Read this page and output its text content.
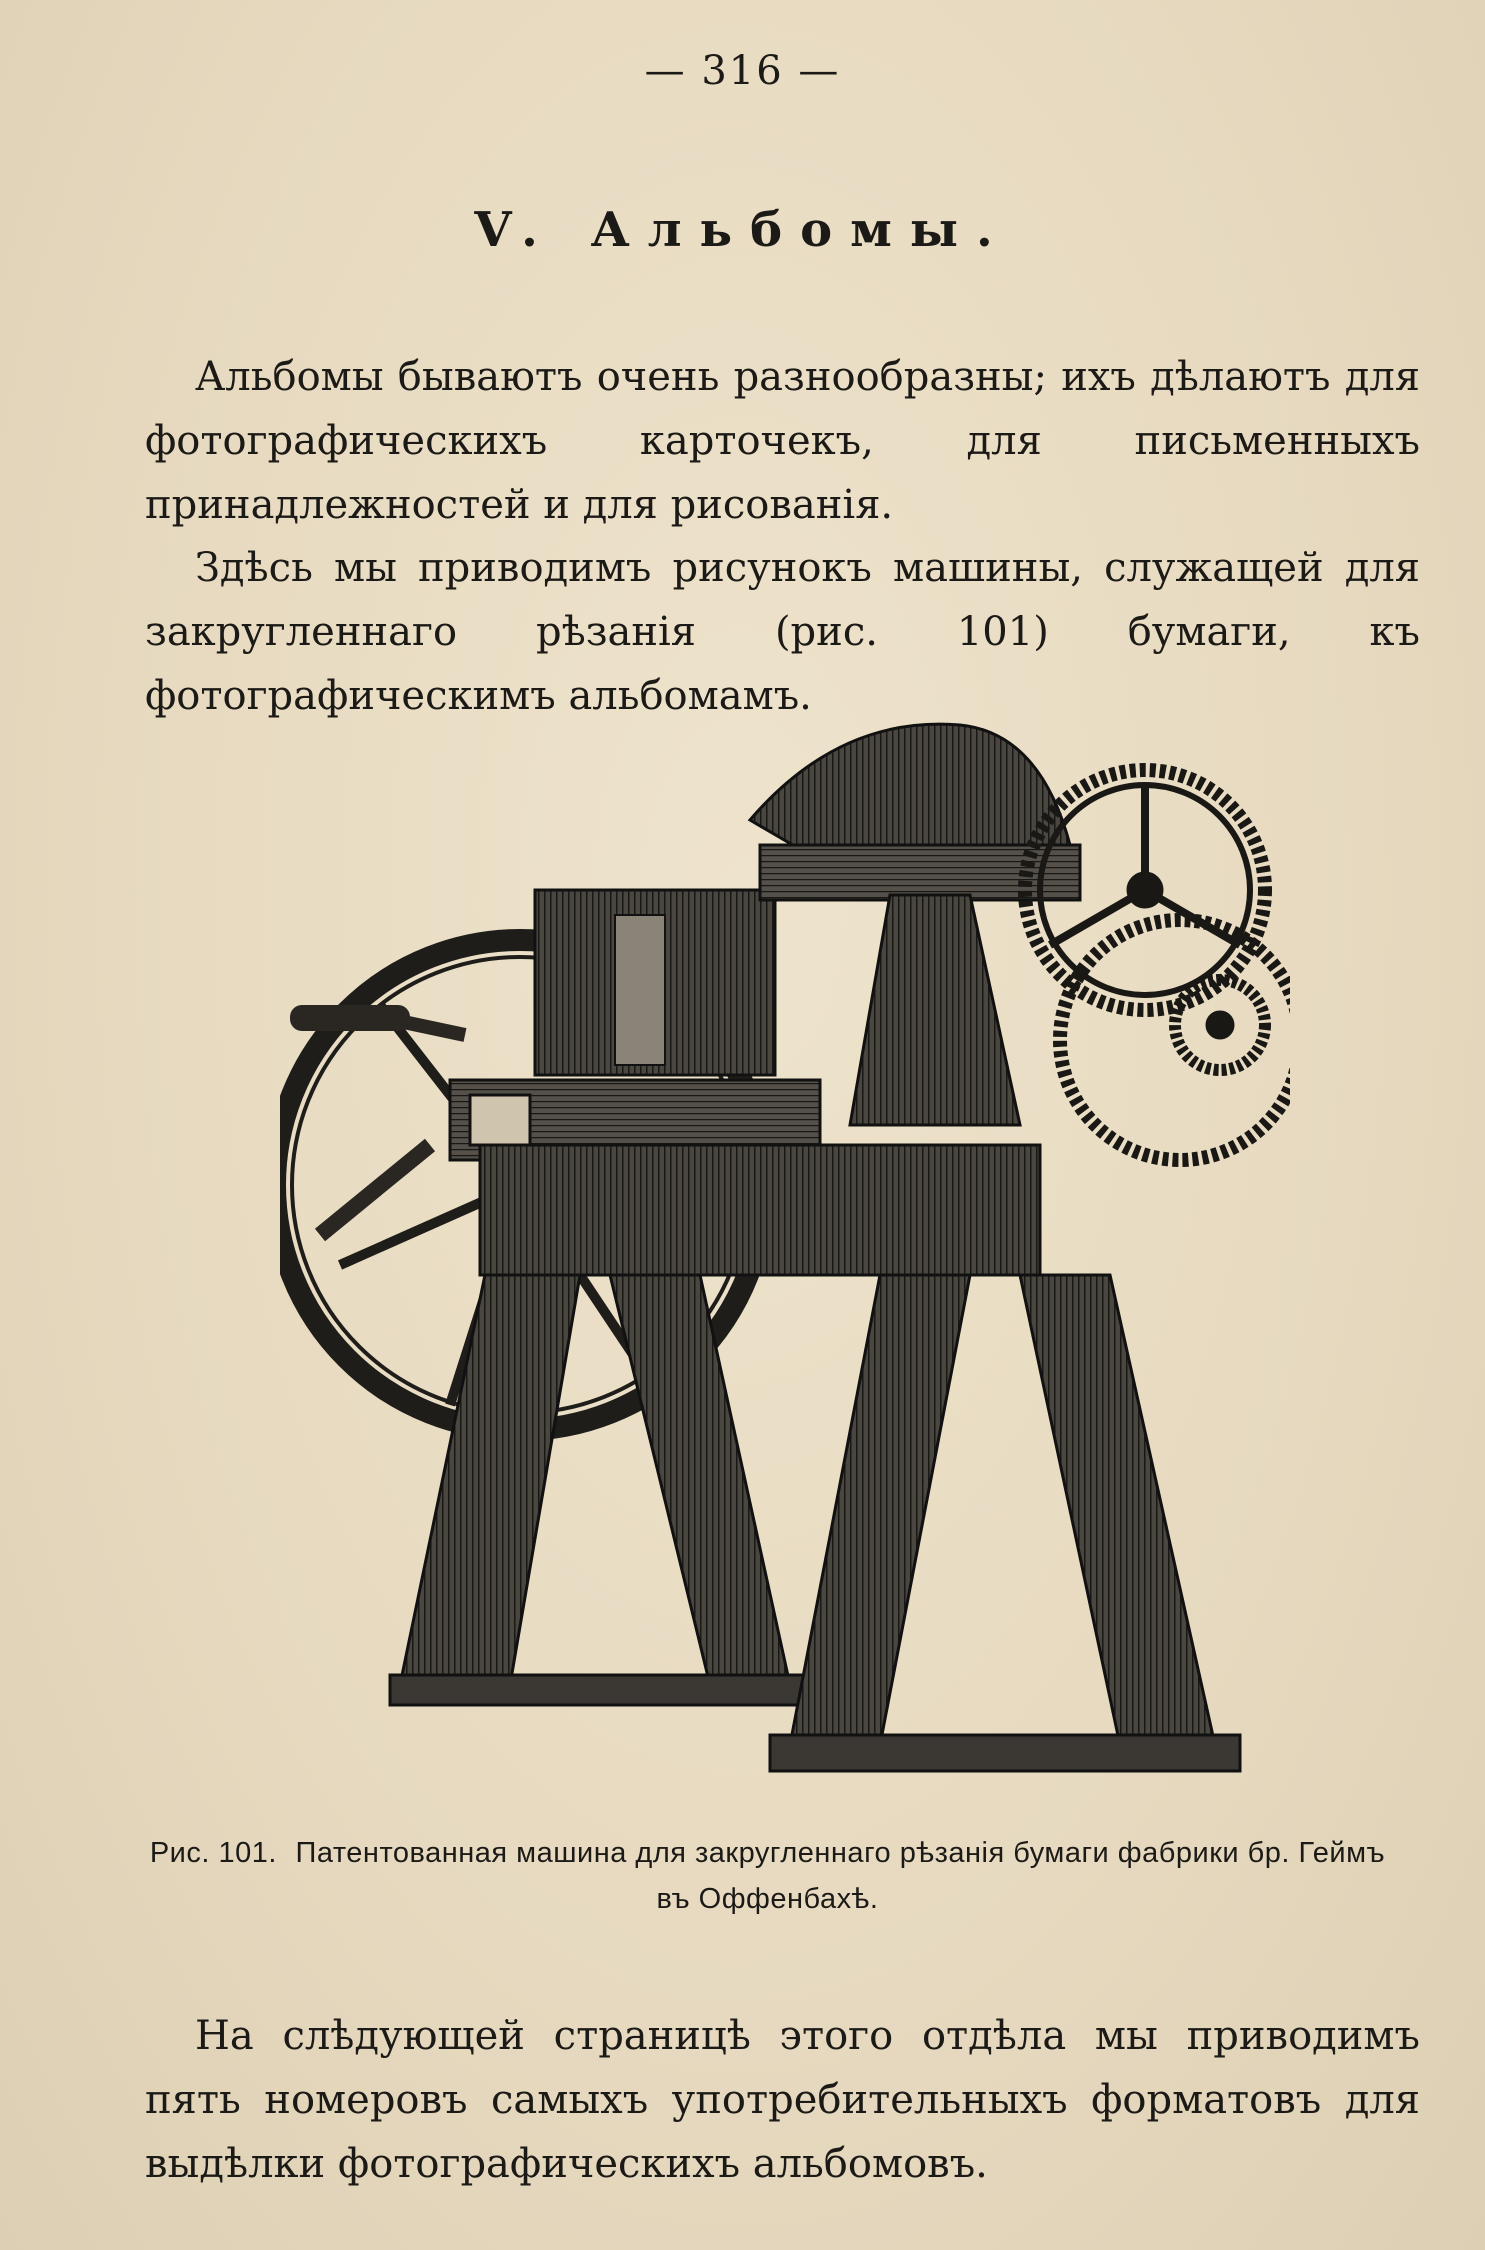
— 316 —
V. Альбомы.

Альбомы бываютъ очень разнообразны; ихъ дѣлаютъ для фотографическихъ карточекъ, для письменныхъ принадлежностей и для рисованія.

Здѣсь мы приводимъ рисунокъ машины, служащей для закругленнаго рѣзанія (рис. 101) бумаги, къ фотографическимъ альбомамъ.

Рис. 101. Патентованная машина для закругленнаго рѣзанія бумаги фабрики бр. Геймъ въ Оффенбахѣ.

На слѣдующей страницѣ этого отдѣла мы приводимъ пять номеровъ самыхъ употребительныхъ форматовъ для выдѣлки фотографическихъ альбомовъ.
